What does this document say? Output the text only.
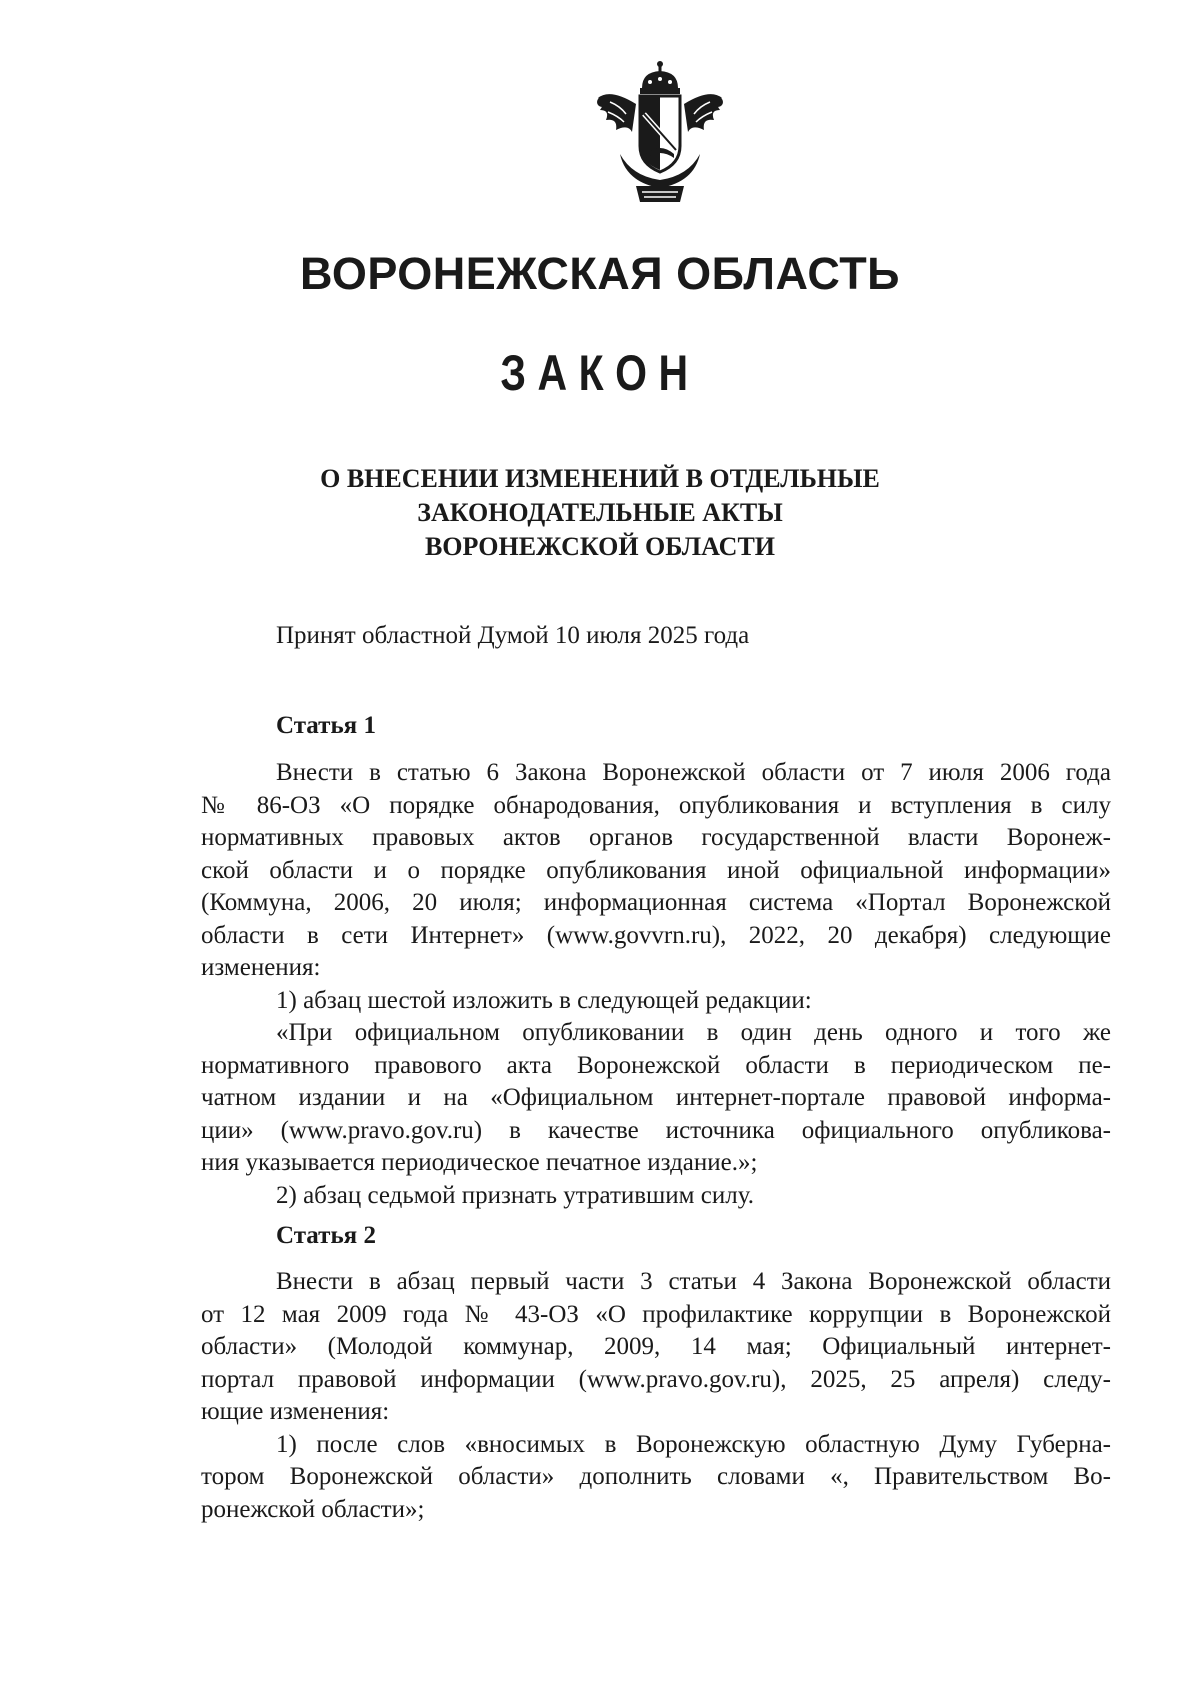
ВОРОНЕЖСКАЯ ОБЛАСТЬ
ЗАКОН
О ВНЕСЕНИИ ИЗМЕНЕНИЙ В ОТДЕЛЬНЫЕ
ЗАКОНОДАТЕЛЬНЫЕ АКТЫ
ВОРОНЕЖСКОЙ ОБЛАСТИ
Принят областной Думой 10 июля 2025 года
Статья 1
Внести в статью 6 Закона Воронежской области от 7 июля 2006 года
№ 86-ОЗ «О порядке обнародования, опубликования и вступления в силу
нормативных правовых актов органов государственной власти Воронеж-
ской области и о порядке опубликования иной официальной информации»
(Коммуна, 2006, 20 июля; информационная система «Портал Воронежской
области в сети Интернет» (www.govvrn.ru), 2022, 20 декабря) следующие
изменения:
1) абзац шестой изложить в следующей редакции:
«При официальном опубликовании в один день одного и того же
нормативного правового акта Воронежской области в периодическом пе-
чатном издании и на «Официальном интернет-портале правовой информа-
ции» (www.pravo.gov.ru) в качестве источника официального опубликова-
ния указывается периодическое печатное издание.»;
2) абзац седьмой признать утратившим силу.
Статья 2
Внести в абзац первый части 3 статьи 4 Закона Воронежской области
от 12 мая 2009 года № 43-ОЗ «О профилактике коррупции в Воронежской
области» (Молодой коммунар, 2009, 14 мая; Официальный интернет-
портал правовой информации (www.pravo.gov.ru), 2025, 25 апреля) следу-
ющие изменения:
1) после слов «вносимых в Воронежскую областную Думу Губерна-
тором Воронежской области» дополнить словами «, Правительством Во-
ронежской области»;
